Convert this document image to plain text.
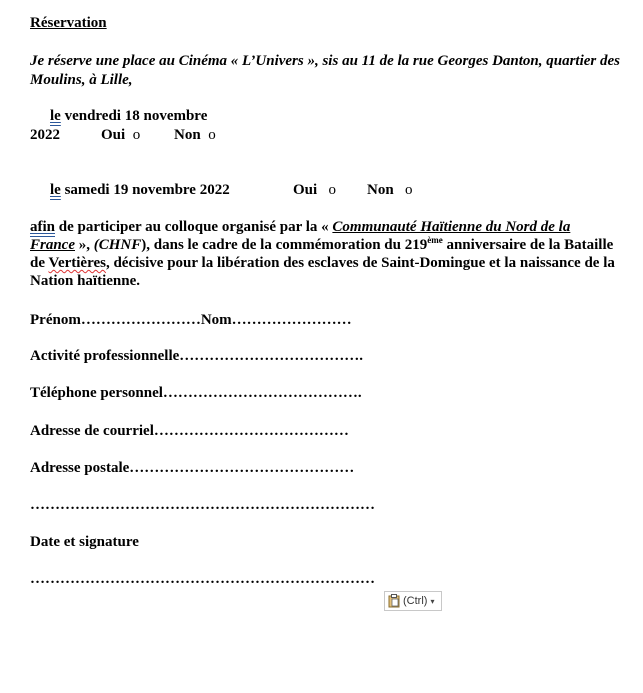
Réservation
Je réserve une place au Cinéma « L’Univers », sis au 11 de la rue Georges Danton, quartier des Moulins, à Lille,
le vendredi 18 novembre
2022	Oui o Non o
le samedi 19 novembre 2022	Oui o Non o
afin de participer au colloque organisé par la « Communauté Haïtienne du Nord de la France », (CHNF), dans le cadre de la commémoration du 219ème anniversaire de la Bataille de Vertières, décisive pour la libération des esclaves de Saint-Domingue et la naissance de la Nation haïtienne.
Prénom……………………Nom……………………
Activité professionnelle……………………………….
Téléphone personnel………………………………….
Adresse de courriel…………………………………
Adresse postale………………………………………
……………………………………………………………
Date et signature
……………………………………………………………
(Ctrl) ▾
